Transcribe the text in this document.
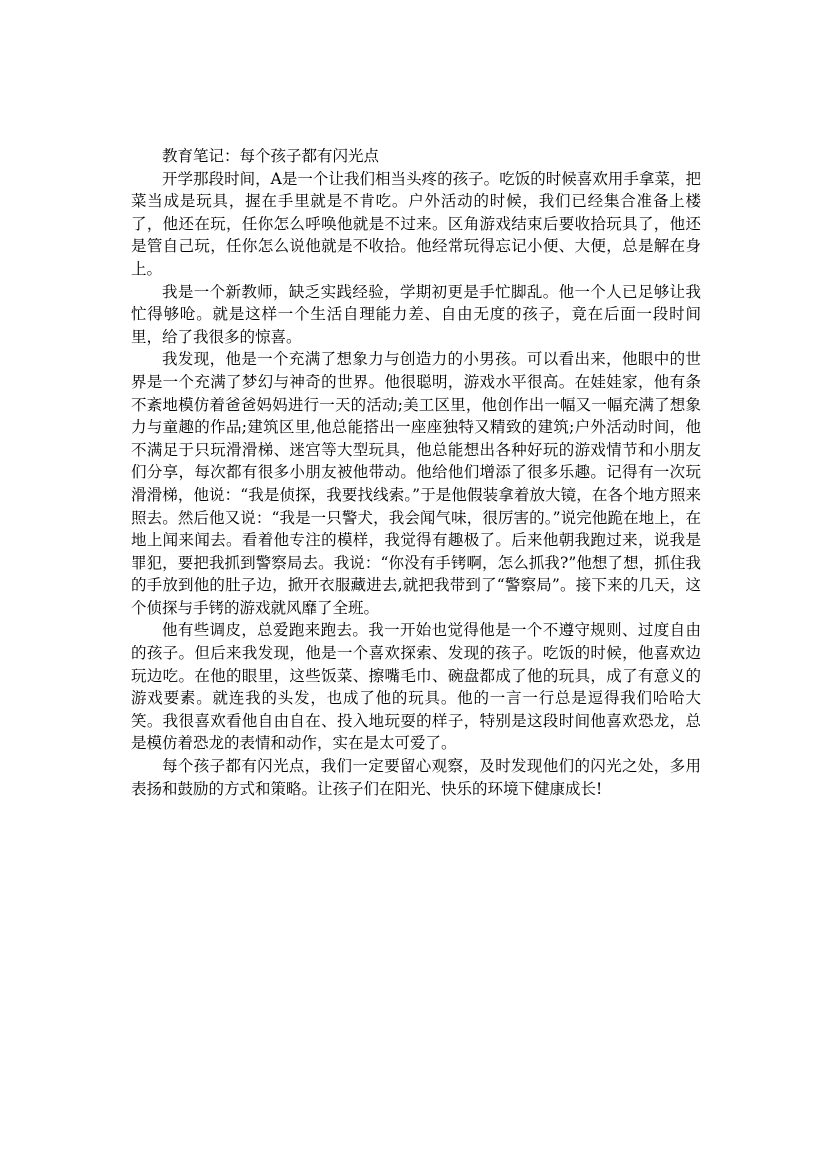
教育笔记：每个孩子都有闪光点

开学那段时间，A是一个让我们相当头疼的孩子。吃饭的时候喜欢用手拿菜，把菜当成是玩具，握在手里就是不肯吃。户外活动的时候，我们已经集合准备上楼了，他还在玩，任你怎么呼唤他就是不过来。区角游戏结束后要收拾玩具了，他还是管自己玩，任你怎么说他就是不收拾。他经常玩得忘记小便、大便，总是解在身上。

我是一个新教师，缺乏实践经验，学期初更是手忙脚乱。他一个人已足够让我忙得够呛。就是这样一个生活自理能力差、自由无度的孩子，竟在后面一段时间里，给了我很多的惊喜。

我发现，他是一个充满了想象力与创造力的小男孩。可以看出来，他眼中的世界是一个充满了梦幻与神奇的世界。他很聪明，游戏水平很高。在娃娃家，他有条不紊地模仿着爸爸妈妈进行一天的活动;美工区里，他创作出一幅又一幅充满了想象力与童趣的作品;建筑区里,他总能搭出一座座独特又精致的建筑;户外活动时间，他不满足于只玩滑滑梯、迷宫等大型玩具，他总能想出各种好玩的游戏情节和小朋友们分享，每次都有很多小朋友被他带动。他给他们增添了很多乐趣。记得有一次玩滑滑梯，他说：“我是侦探，我要找线索。”于是他假装拿着放大镜，在各个地方照来照去。然后他又说：“我是一只警犬，我会闻气味，很厉害的。”说完他跪在地上，在地上闻来闻去。看着他专注的模样，我觉得有趣极了。后来他朝我跑过来，说我是罪犯，要把我抓到警察局去。我说：“你没有手铐啊，怎么抓我?”他想了想，抓住我的手放到他的肚子边，掀开衣服藏进去,就把我带到了“警察局”。接下来的几天，这个侦探与手铐的游戏就风靡了全班。

他有些调皮，总爱跑来跑去。我一开始也觉得他是一个不遵守规则、过度自由的孩子。但后来我发现，他是一个喜欢探索、发现的孩子。吃饭的时候，他喜欢边玩边吃。在他的眼里，这些饭菜、擦嘴毛巾、碗盘都成了他的玩具，成了有意义的游戏要素。就连我的头发，也成了他的玩具。他的一言一行总是逗得我们哈哈大笑。我很喜欢看他自由自在、投入地玩耍的样子，特别是这段时间他喜欢恐龙，总是模仿着恐龙的表情和动作，实在是太可爱了。

每个孩子都有闪光点，我们一定要留心观察，及时发现他们的闪光之处，多用表扬和鼓励的方式和策略。让孩子们在阳光、快乐的环境下健康成长!
